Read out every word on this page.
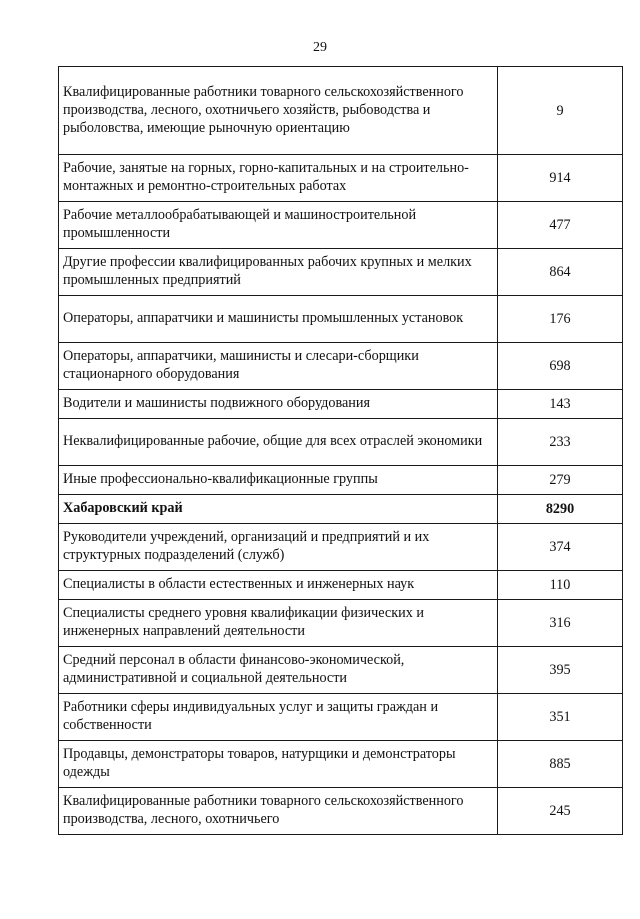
29
Квалифицированные работники товарного сельскохозяйственного производства, лесного, охотничьего хозяйств, рыбоводства и рыболовства, имеющие рыночную ориентацию	9
Рабочие, занятые на горных, горно-капитальных и на строительно-монтажных и ремонтно-строительных работах	914
Рабочие металлообрабатывающей и машиностроительной промышленности	477
Другие профессии квалифицированных рабочих крупных и мелких промышленных предприятий	864
Операторы, аппаратчики и машинисты промышленных установок	176
Операторы, аппаратчики, машинисты и слесари-сборщики стационарного оборудования	698
Водители и машинисты подвижного оборудования	143
Неквалифицированные рабочие, общие для всех отраслей экономики	233
Иные профессионально-квалификационные группы	279
Хабаровский край	8290
Руководители учреждений, организаций и предприятий и их структурных подразделений (служб)	374
Специалисты в области естественных и инженерных наук	110
Специалисты среднего уровня квалификации физических и инженерных направлений деятельности	316
Средний персонал в области финансово-экономической, административной и социальной деятельности	395
Работники сферы индивидуальных услуг и защиты граждан и собственности	351
Продавцы, демонстраторы товаров, натурщики и демонстраторы одежды	885
Квалифицированные работники товарного сельскохозяйственного производства, лесного, охотничьего	245
